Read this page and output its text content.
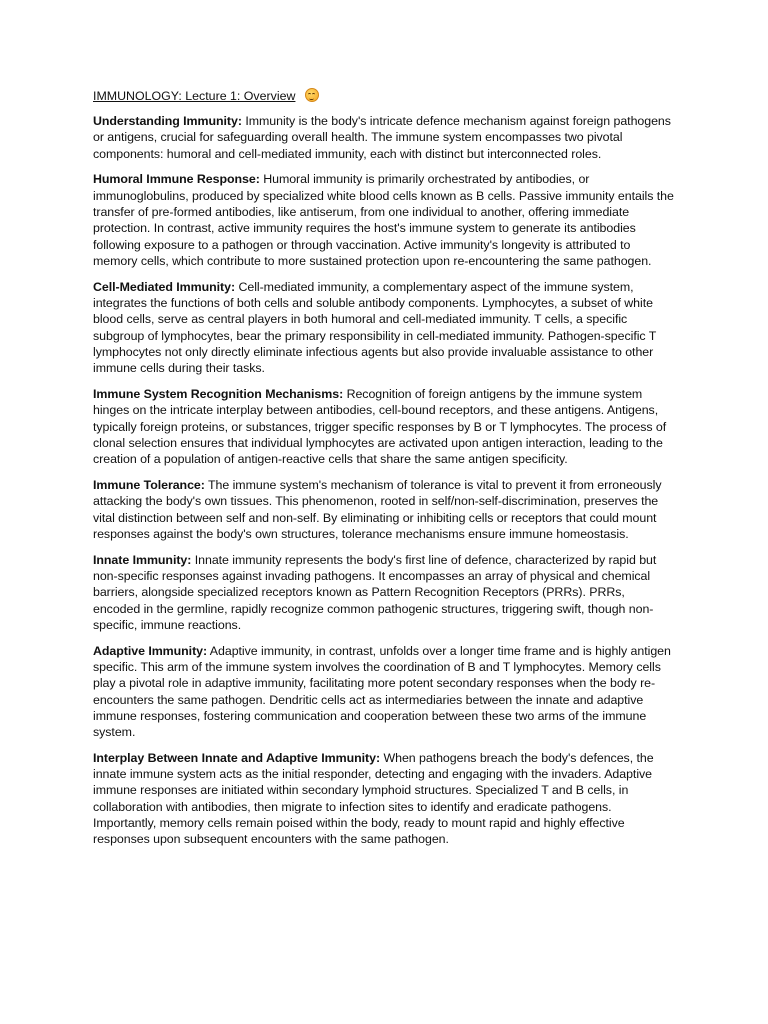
IMMUNOLOGY: Lecture 1: Overview

Understanding Immunity: Immunity is the body's intricate defence mechanism against foreign pathogens or antigens, crucial for safeguarding overall health. The immune system encompasses two pivotal components: humoral and cell-mediated immunity, each with distinct but interconnected roles.

Humoral Immune Response: Humoral immunity is primarily orchestrated by antibodies, or immunoglobulins, produced by specialized white blood cells known as B cells. Passive immunity entails the transfer of pre-formed antibodies, like antiserum, from one individual to another, offering immediate protection. In contrast, active immunity requires the host's immune system to generate its antibodies following exposure to a pathogen or through vaccination. Active immunity's longevity is attributed to memory cells, which contribute to more sustained protection upon re-encountering the same pathogen.

Cell-Mediated Immunity: Cell-mediated immunity, a complementary aspect of the immune system, integrates the functions of both cells and soluble antibody components. Lymphocytes, a subset of white blood cells, serve as central players in both humoral and cell-mediated immunity. T cells, a specific subgroup of lymphocytes, bear the primary responsibility in cell-mediated immunity. Pathogen-specific T lymphocytes not only directly eliminate infectious agents but also provide invaluable assistance to other immune cells during their tasks.

Immune System Recognition Mechanisms: Recognition of foreign antigens by the immune system hinges on the intricate interplay between antibodies, cell-bound receptors, and these antigens. Antigens, typically foreign proteins, or substances, trigger specific responses by B or T lymphocytes. The process of clonal selection ensures that individual lymphocytes are activated upon antigen interaction, leading to the creation of a population of antigen-reactive cells that share the same antigen specificity.

Immune Tolerance: The immune system's mechanism of tolerance is vital to prevent it from erroneously attacking the body's own tissues. This phenomenon, rooted in self/non-self-discrimination, preserves the vital distinction between self and non-self. By eliminating or inhibiting cells or receptors that could mount responses against the body's own structures, tolerance mechanisms ensure immune homeostasis.

Innate Immunity: Innate immunity represents the body's first line of defence, characterized by rapid but non-specific responses against invading pathogens. It encompasses an array of physical and chemical barriers, alongside specialized receptors known as Pattern Recognition Receptors (PRRs). PRRs, encoded in the germline, rapidly recognize common pathogenic structures, triggering swift, though non-specific, immune reactions.

Adaptive Immunity: Adaptive immunity, in contrast, unfolds over a longer time frame and is highly antigen specific. This arm of the immune system involves the coordination of B and T lymphocytes. Memory cells play a pivotal role in adaptive immunity, facilitating more potent secondary responses when the body re-encounters the same pathogen. Dendritic cells act as intermediaries between the innate and adaptive immune responses, fostering communication and cooperation between these two arms of the immune system.

Interplay Between Innate and Adaptive Immunity: When pathogens breach the body's defences, the innate immune system acts as the initial responder, detecting and engaging with the invaders. Adaptive immune responses are initiated within secondary lymphoid structures. Specialized T and B cells, in collaboration with antibodies, then migrate to infection sites to identify and eradicate pathogens. Importantly, memory cells remain poised within the body, ready to mount rapid and highly effective responses upon subsequent encounters with the same pathogen.
